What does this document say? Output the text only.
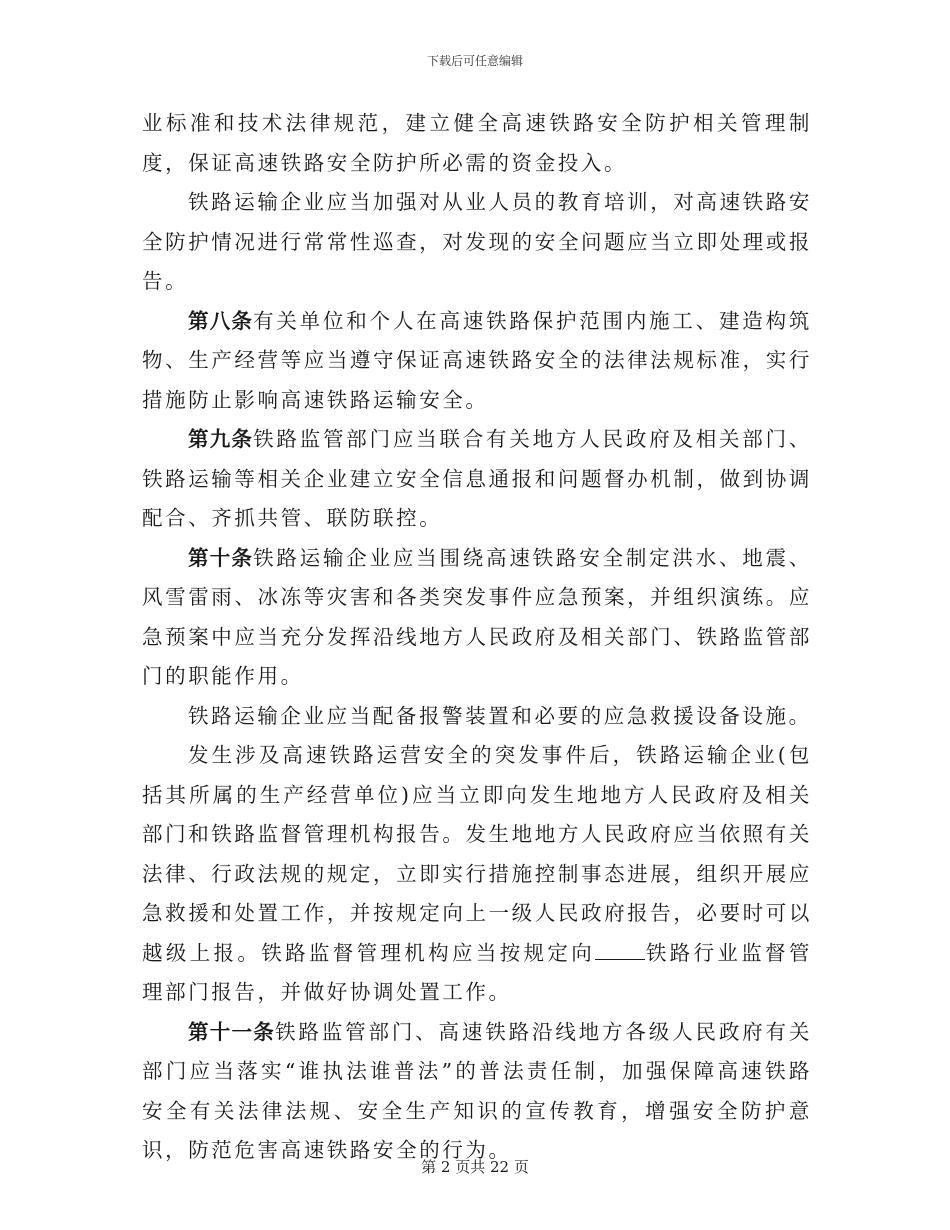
下载后可任意编辑

业标准和技术法律规范，建立健全高速铁路安全防护相关管理制度，保证高速铁路安全防护所必需的资金投入。

铁路运输企业应当加强对从业人员的教育培训，对高速铁路安全防护情况进行常常性巡查，对发现的安全问题应当立即处理或报告。

第八条有关单位和个人在高速铁路保护范围内施工、建造构筑物、生产经营等应当遵守保证高速铁路安全的法律法规标准，实行措施防止影响高速铁路运输安全。

第九条铁路监管部门应当联合有关地方人民政府及相关部门、铁路运输等相关企业建立安全信息通报和问题督办机制，做到协调配合、齐抓共管、联防联控。

第十条铁路运输企业应当围绕高速铁路安全制定洪水、地震、风雪雷雨、冰冻等灾害和各类突发事件应急预案，并组织演练。应急预案中应当充分发挥沿线地方人民政府及相关部门、铁路监管部门的职能作用。

铁路运输企业应当配备报警装置和必要的应急救援设备设施。

发生涉及高速铁路运营安全的突发事件后，铁路运输企业(包括其所属的生产经营单位)应当立即向发生地地方人民政府及相关部门和铁路监督管理机构报告。发生地地方人民政府应当依照有关法律、行政法规的规定，立即实行措施控制事态进展，组织开展应急救援和处置工作，并按规定向上一级人民政府报告，必要时可以越级上报。铁路监督管理机构应当按规定向 铁路行业监督管理部门报告，并做好协调处置工作。

第十一条铁路监管部门、高速铁路沿线地方各级人民政府有关部门应当落实“谁执法谁普法”的普法责任制，加强保障高速铁路安全有关法律法规、安全生产知识的宣传教育，增强安全防护意识，防范危害高速铁路安全的行为。

第 2 页共 22 页
